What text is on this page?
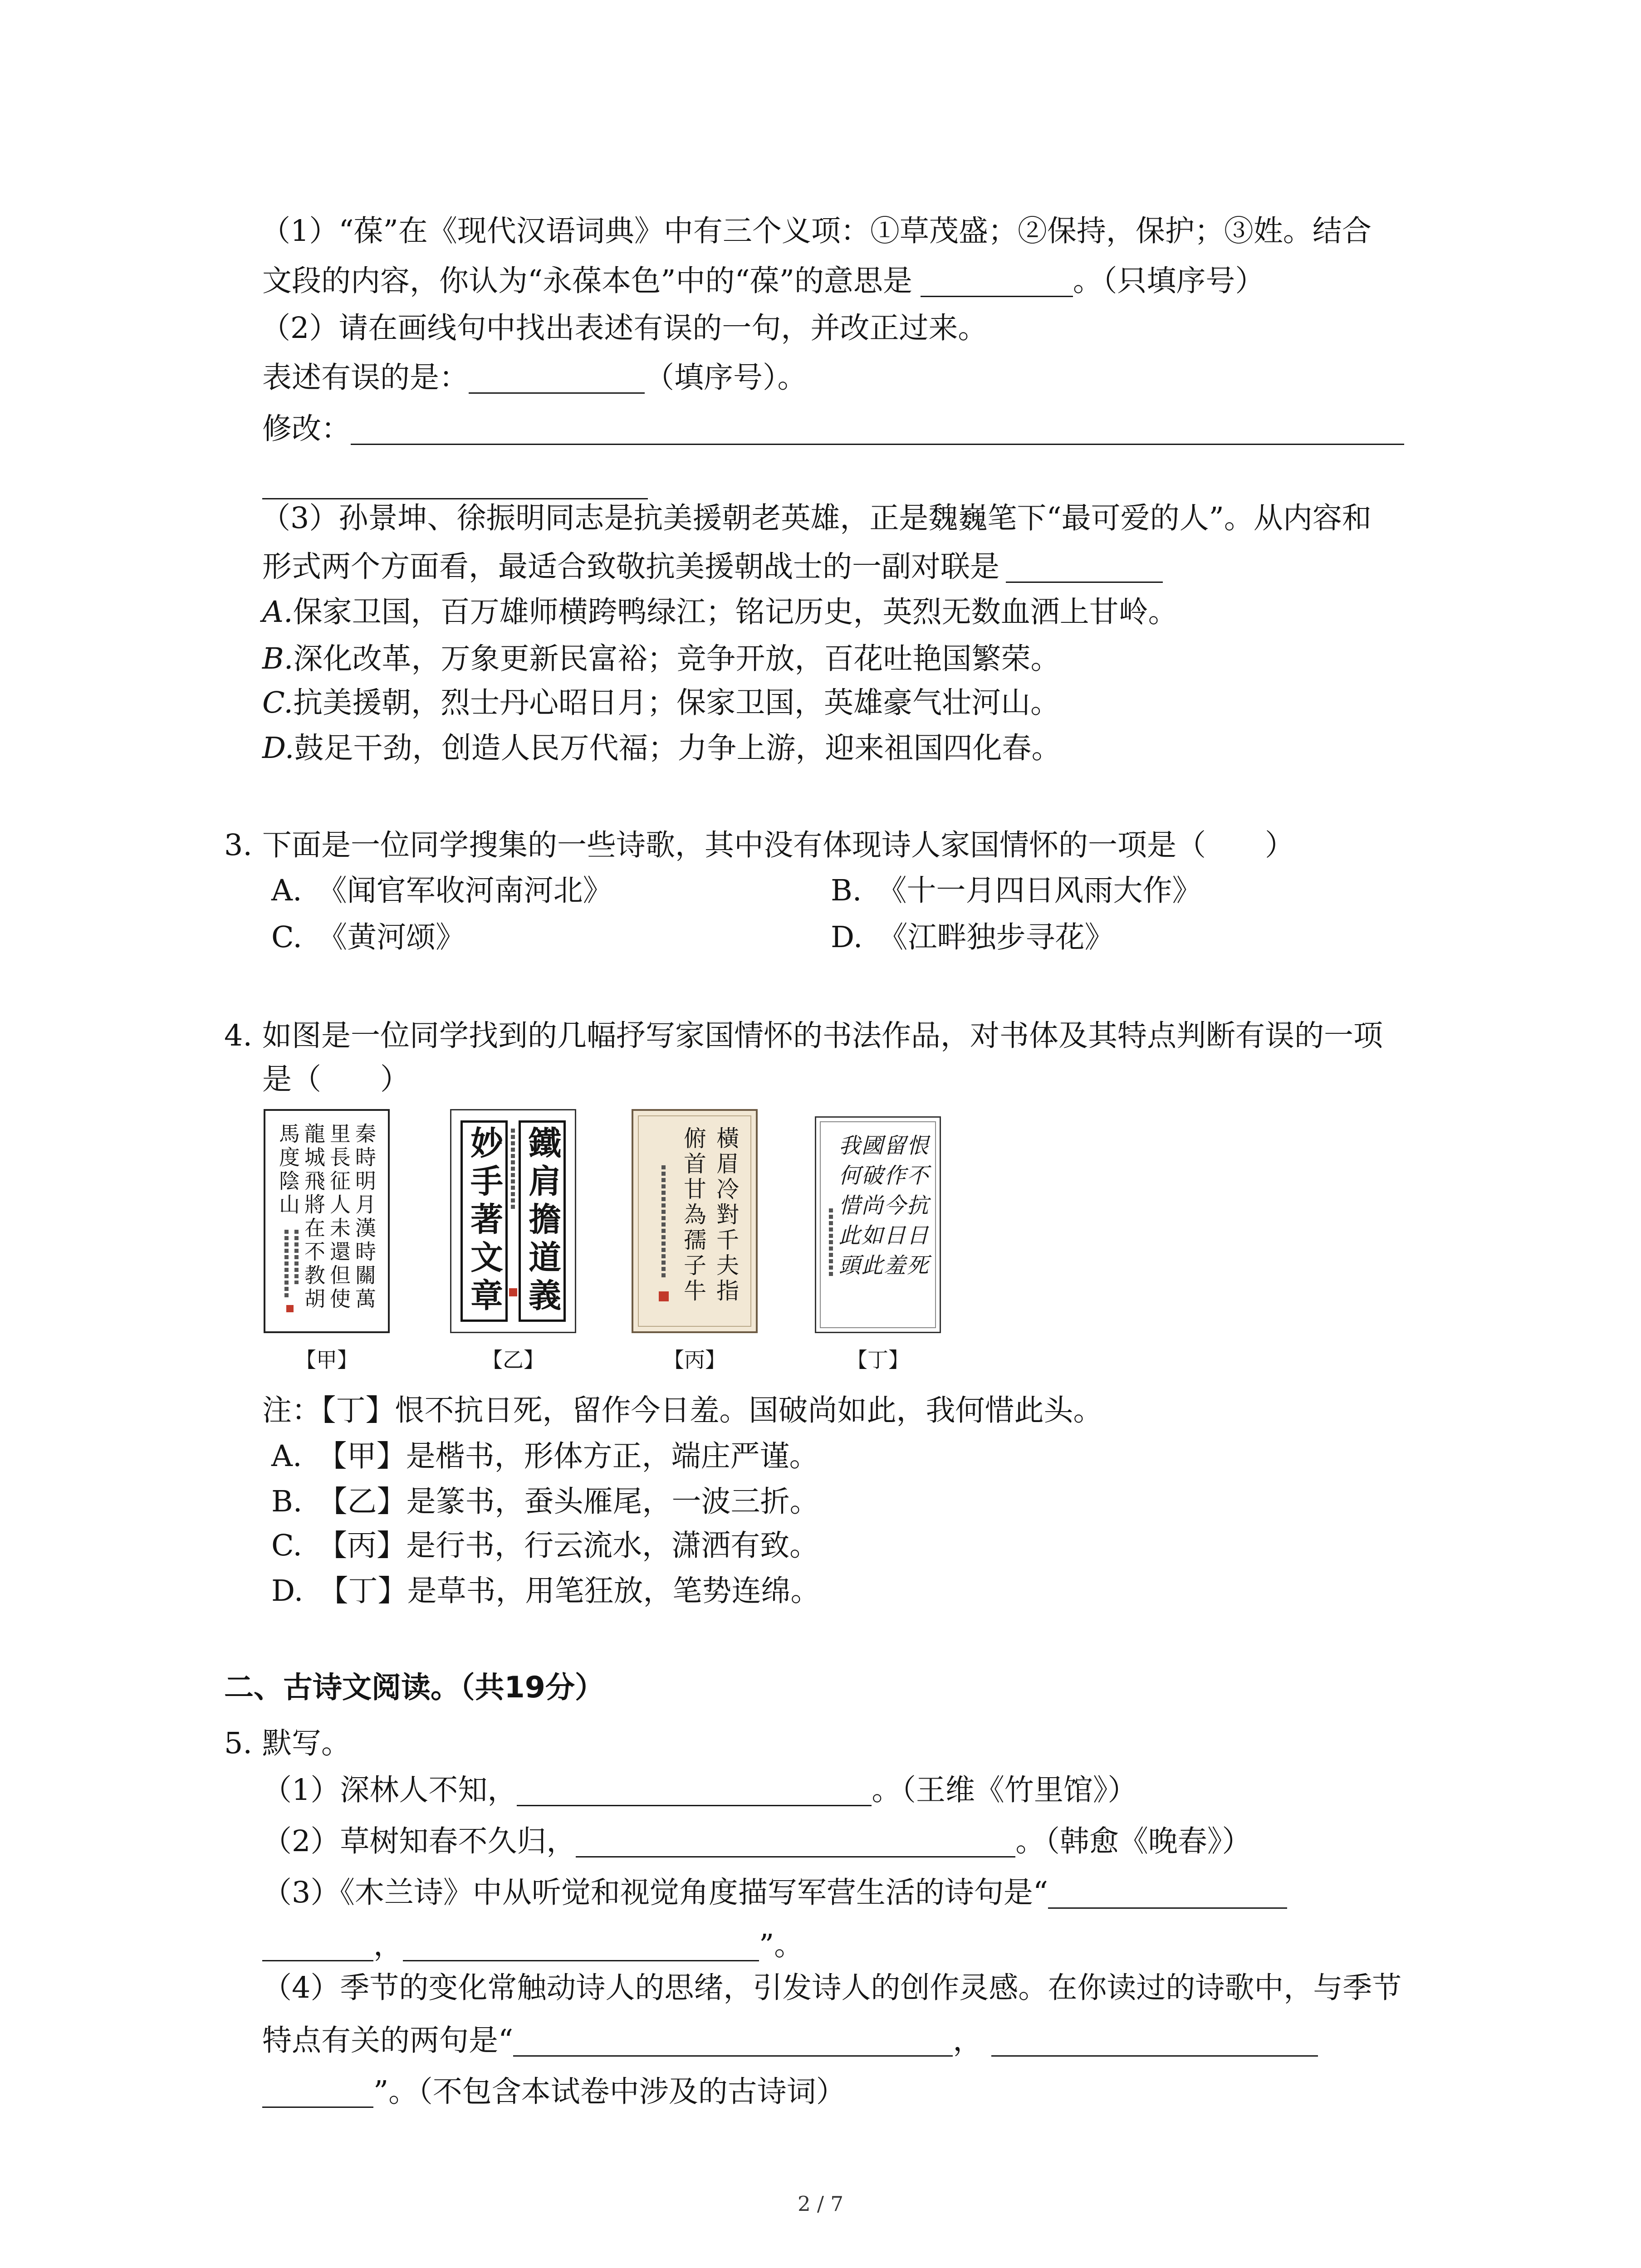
（1）“葆”在《现代汉语词典》中有三个义项：①草茂盛；②保持，保护；③姓。结合
文段的内容，你认为“永葆本色”中的“葆”的意思是	。（只填序号）
（2）请在画线句中找出表述有误的一句，并改正过来。
表述有误的是：	（填序号）。
修改：
（3）孙景坤、徐振明同志是抗美援朝老英雄，正是魏巍笔下“最可爱的人”。从内容和
形式两个方面看，最适合致敬抗美援朝战士的一副对联是
A.保家卫国，百万雄师横跨鸭绿江；铭记历史，英烈无数血洒上甘岭。
B.深化改革，万象更新民富裕；竞争开放，百花吐艳国繁荣。
C.抗美援朝，烈士丹心昭日月；保家卫国，英雄豪气壮河山。
D.鼓足干劲，创造人民万代福；力争上游，迎来祖国四化春。
3. 下面是一位同学搜集的一些诗歌，其中没有体现诗人家国情怀的一项是（　　）
A. 《闻官军收河南河北》	B. 《十一月四日风雨大作》
C. 《黄河颂》	D. 《江畔独步寻花》
4. 如图是一位同学找到的几幅抒写家国情怀的书法作品，对书体及其特点判断有误的一项
是（　　）
秦時明月漢時關萬
里長征人未還但使
龍城飛將在不教胡
馬度陰山
【甲】
鐵肩擔道義
妙手著文章
【乙】
橫眉冷對千夫指
俯首甘為孺子牛
【丙】
恨不抗日死
留作今日羞
國破尚如此
我何惜此頭
【丁】
注：【丁】恨不抗日死，留作今日羞。国破尚如此，我何惜此头。
A. 【甲】是楷书，形体方正，端庄严谨。
B. 【乙】是篆书，蚕头雁尾，一波三折。
C. 【丙】是行书，行云流水，潇洒有致。
D. 【丁】是草书，用笔狂放，笔势连绵。
二、古诗文阅读。（共19分）
5. 默写。
（1）深林人不知，	。（王维《竹里馆》）
（2）草树知春不久归，	。（韩愈《晚春》）
（3）《木兰诗》中从听觉和视觉角度描写军营生活的诗句是“
，	”。
（4）季节的变化常触动诗人的思绪，引发诗人的创作灵感。在你读过的诗歌中，与季节
特点有关的两句是“	，
”。（不包含本试卷中涉及的古诗词）
2 / 7
